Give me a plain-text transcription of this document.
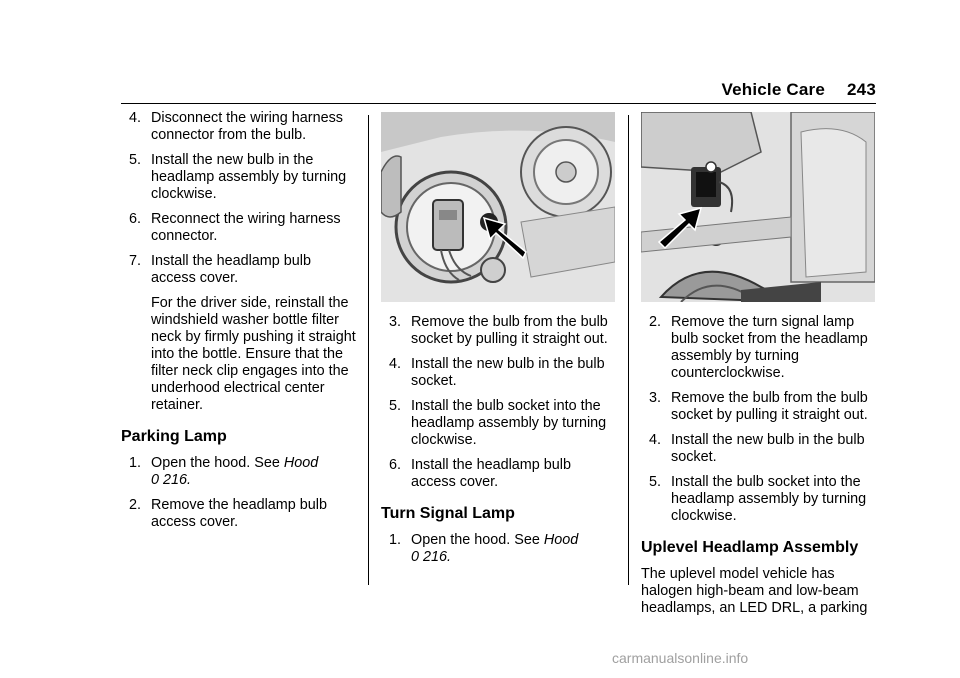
Vehicle Care 243
4. Disconnect the wiring harness connector from the bulb.
5. Install the new bulb in the headlamp assembly by turning clockwise.
6. Reconnect the wiring harness connector.
7. Install the headlamp bulb access cover.
For the driver side, reinstall the windshield washer bottle filter neck by firmly pushing it straight into the bottle. Ensure that the filter neck clip engages into the underhood electrical center retainer.
Parking Lamp
1. Open the hood. See Hood
0 216.
2. Remove the headlamp bulb access cover.
3. Remove the bulb from the bulb socket by pulling it straight out.
4. Install the new bulb in the bulb socket.
5. Install the bulb socket into the headlamp assembly by turning clockwise.
6. Install the headlamp bulb access cover.
Turn Signal Lamp
1. Open the hood. See Hood
0 216.
2. Remove the turn signal lamp bulb socket from the headlamp assembly by turning counterclockwise.
3. Remove the bulb from the bulb socket by pulling it straight out.
4. Install the new bulb in the bulb socket.
5. Install the bulb socket into the headlamp assembly by turning clockwise.
Uplevel Headlamp Assembly
The uplevel model vehicle has halogen high-beam and low-beam headlamps, an LED DRL, a parking
carmanualsonline.info
